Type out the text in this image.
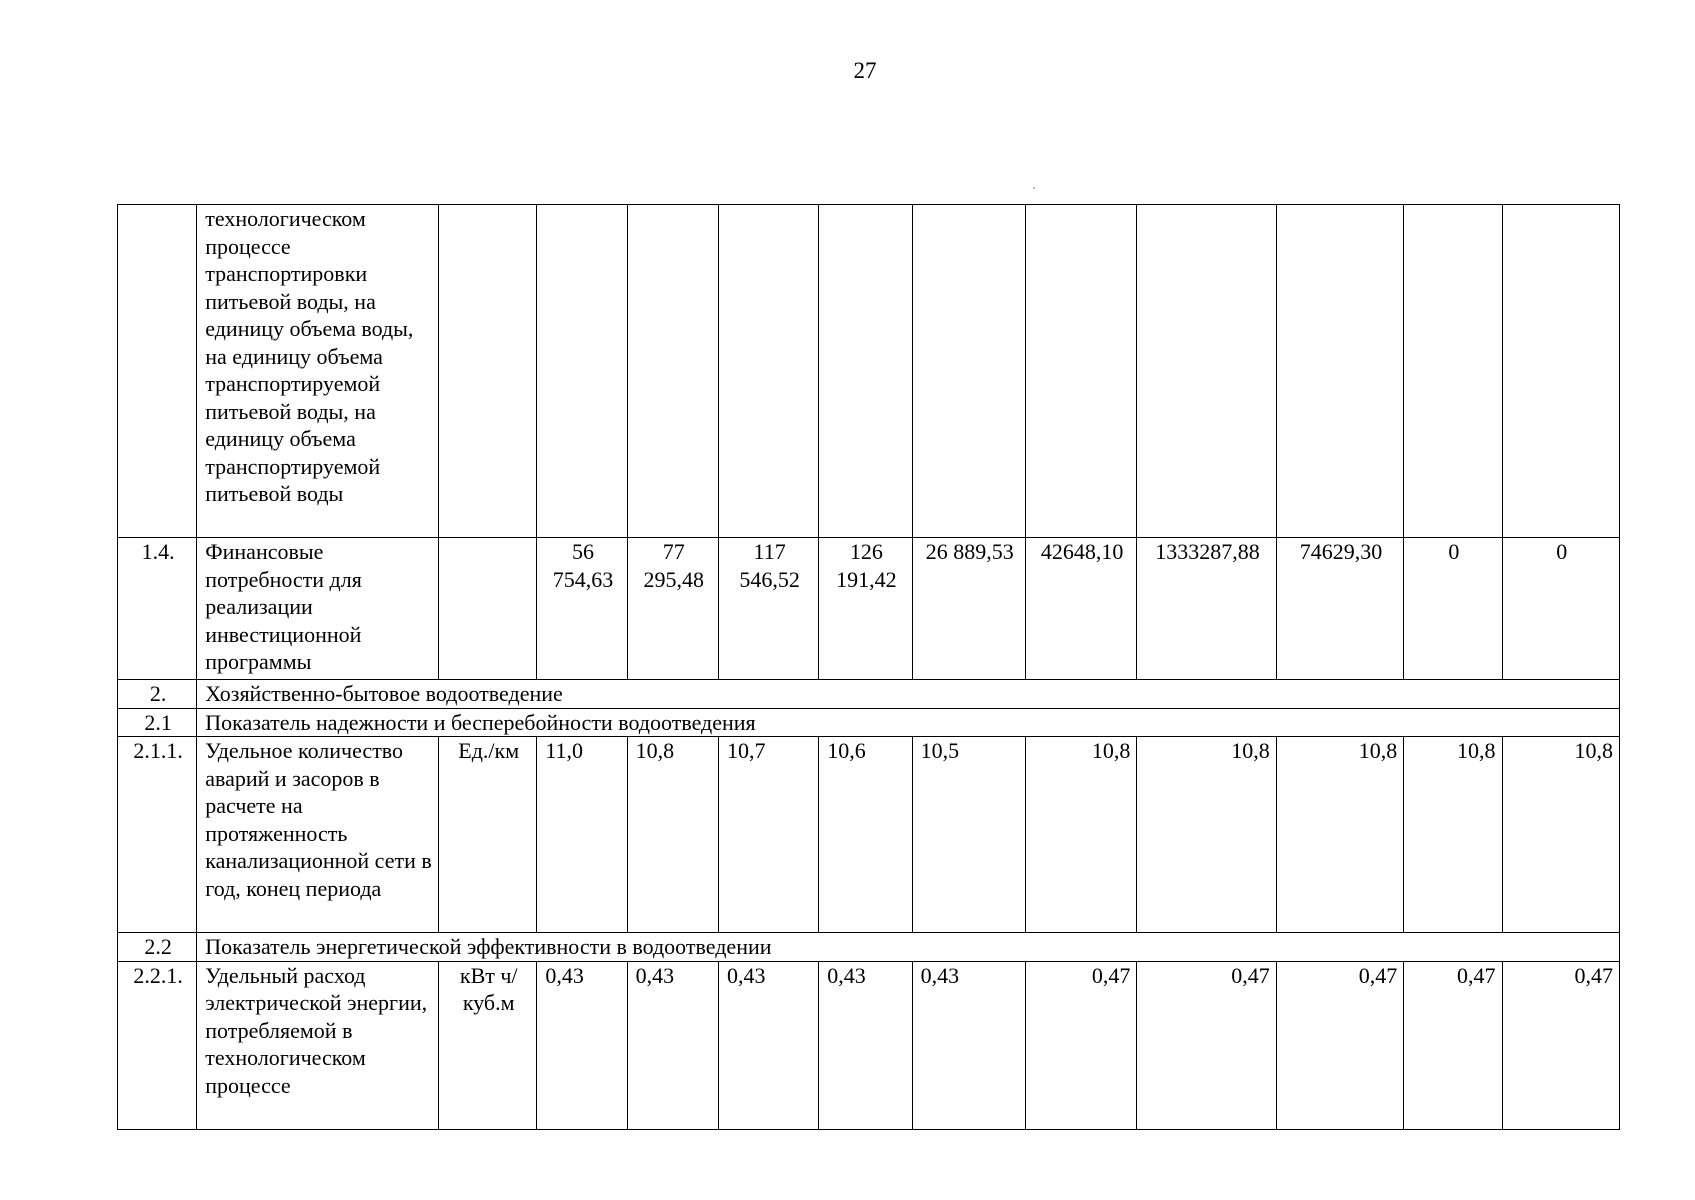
27
	технологическом процессе транспортировки питьевой воды, на единицу объема воды, на единицу объема транспортируемой питьевой воды, на единицу объема транспортируемой питьевой воды											
1.4.	Финансовые потребности для реализации инвестиционной программы		56 754,63	77 295,48	117 546,52	126 191,42	26 889,53	42648,10	1333287,88	74629,30	0	0
2.	Хозяйственно-бытовое водоотведение											
2.1	Показатель надежности и бесперебойности водоотведения											
2.1.1.	Удельное количество аварий и засоров в расчете на протяженность канализационной сети в год, конец периода	Ед./км	11,0	10,8	10,7	10,6	10,5	10,8	10,8	10,8	10,8	10,8
2.2	Показатель энергетической эффективности в водоотведении											
2.2.1.	Удельный расход электрической энергии, потребляемой в технологическом процессе	кВт ч/куб.м	0,43	0,43	0,43	0,43	0,43	0,47	0,47	0,47	0,47	0,47
